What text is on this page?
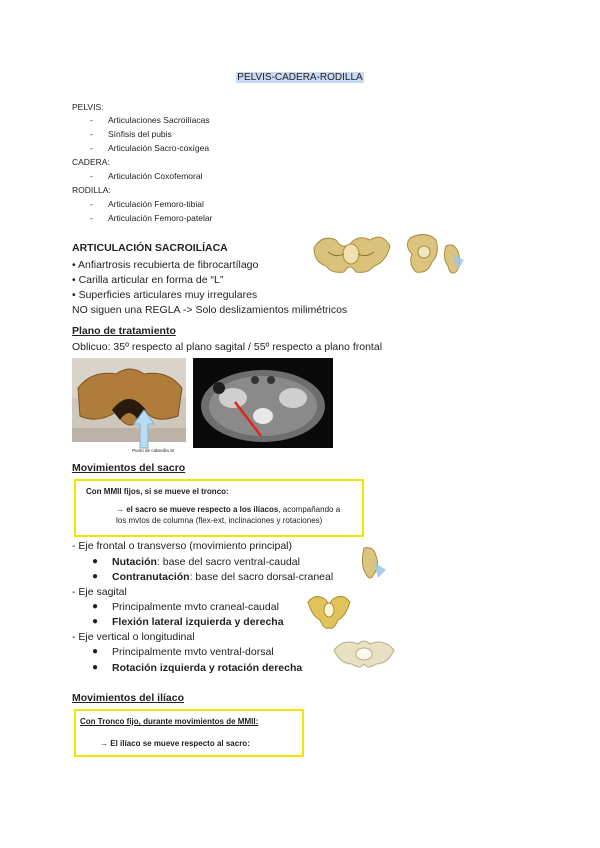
PELVIS-CADERA-RODILLA
PELVIS:
- Articulaciones Sacroilíacas
- Sínfisis del pubis
- Articulación Sacro-coxígea
CADERA:
- Articulación Coxofemoral
RODILLA:
- Articulación Femoro-tibial
- Articulación Femoro-patelar
ARTICULACIÓN SACROILÍACA
• Anfiartrosis recubierta de fibrocartílago
• Carilla articular en forma de “L”
• Superficies articulares muy irregulares
NO siguen una REGLA -> Solo deslizamientos milimétricos
Plano de tratamiento
Oblicuo: 35º respecto al plano sagital / 55º respecto a plano frontal
Punto de cabecilla SI
Movimientos del sacro
Con MMII fijos, si se mueve el tronco:
→ el sacro se mueve respecto a los ilíacos, acompañando a
los mvtos de columna (flex-ext, inclinaciones y rotaciones)
- Eje frontal o transverso (movimiento principal)
● Nutación: base del sacro ventral-caudal
● Contranutación: base del sacro dorsal-craneal
- Eje sagital
● Principalmente mvto craneal-caudal
● Flexión lateral izquierda y derecha
- Eje vertical o longitudinal
● Principalmente mvto ventral-dorsal
● Rotación izquierda y rotación derecha
Movimientos del ilíaco
Con Tronco fijo, durante movimientos de MMII:
→ El ilíaco se mueve respecto al sacro:
